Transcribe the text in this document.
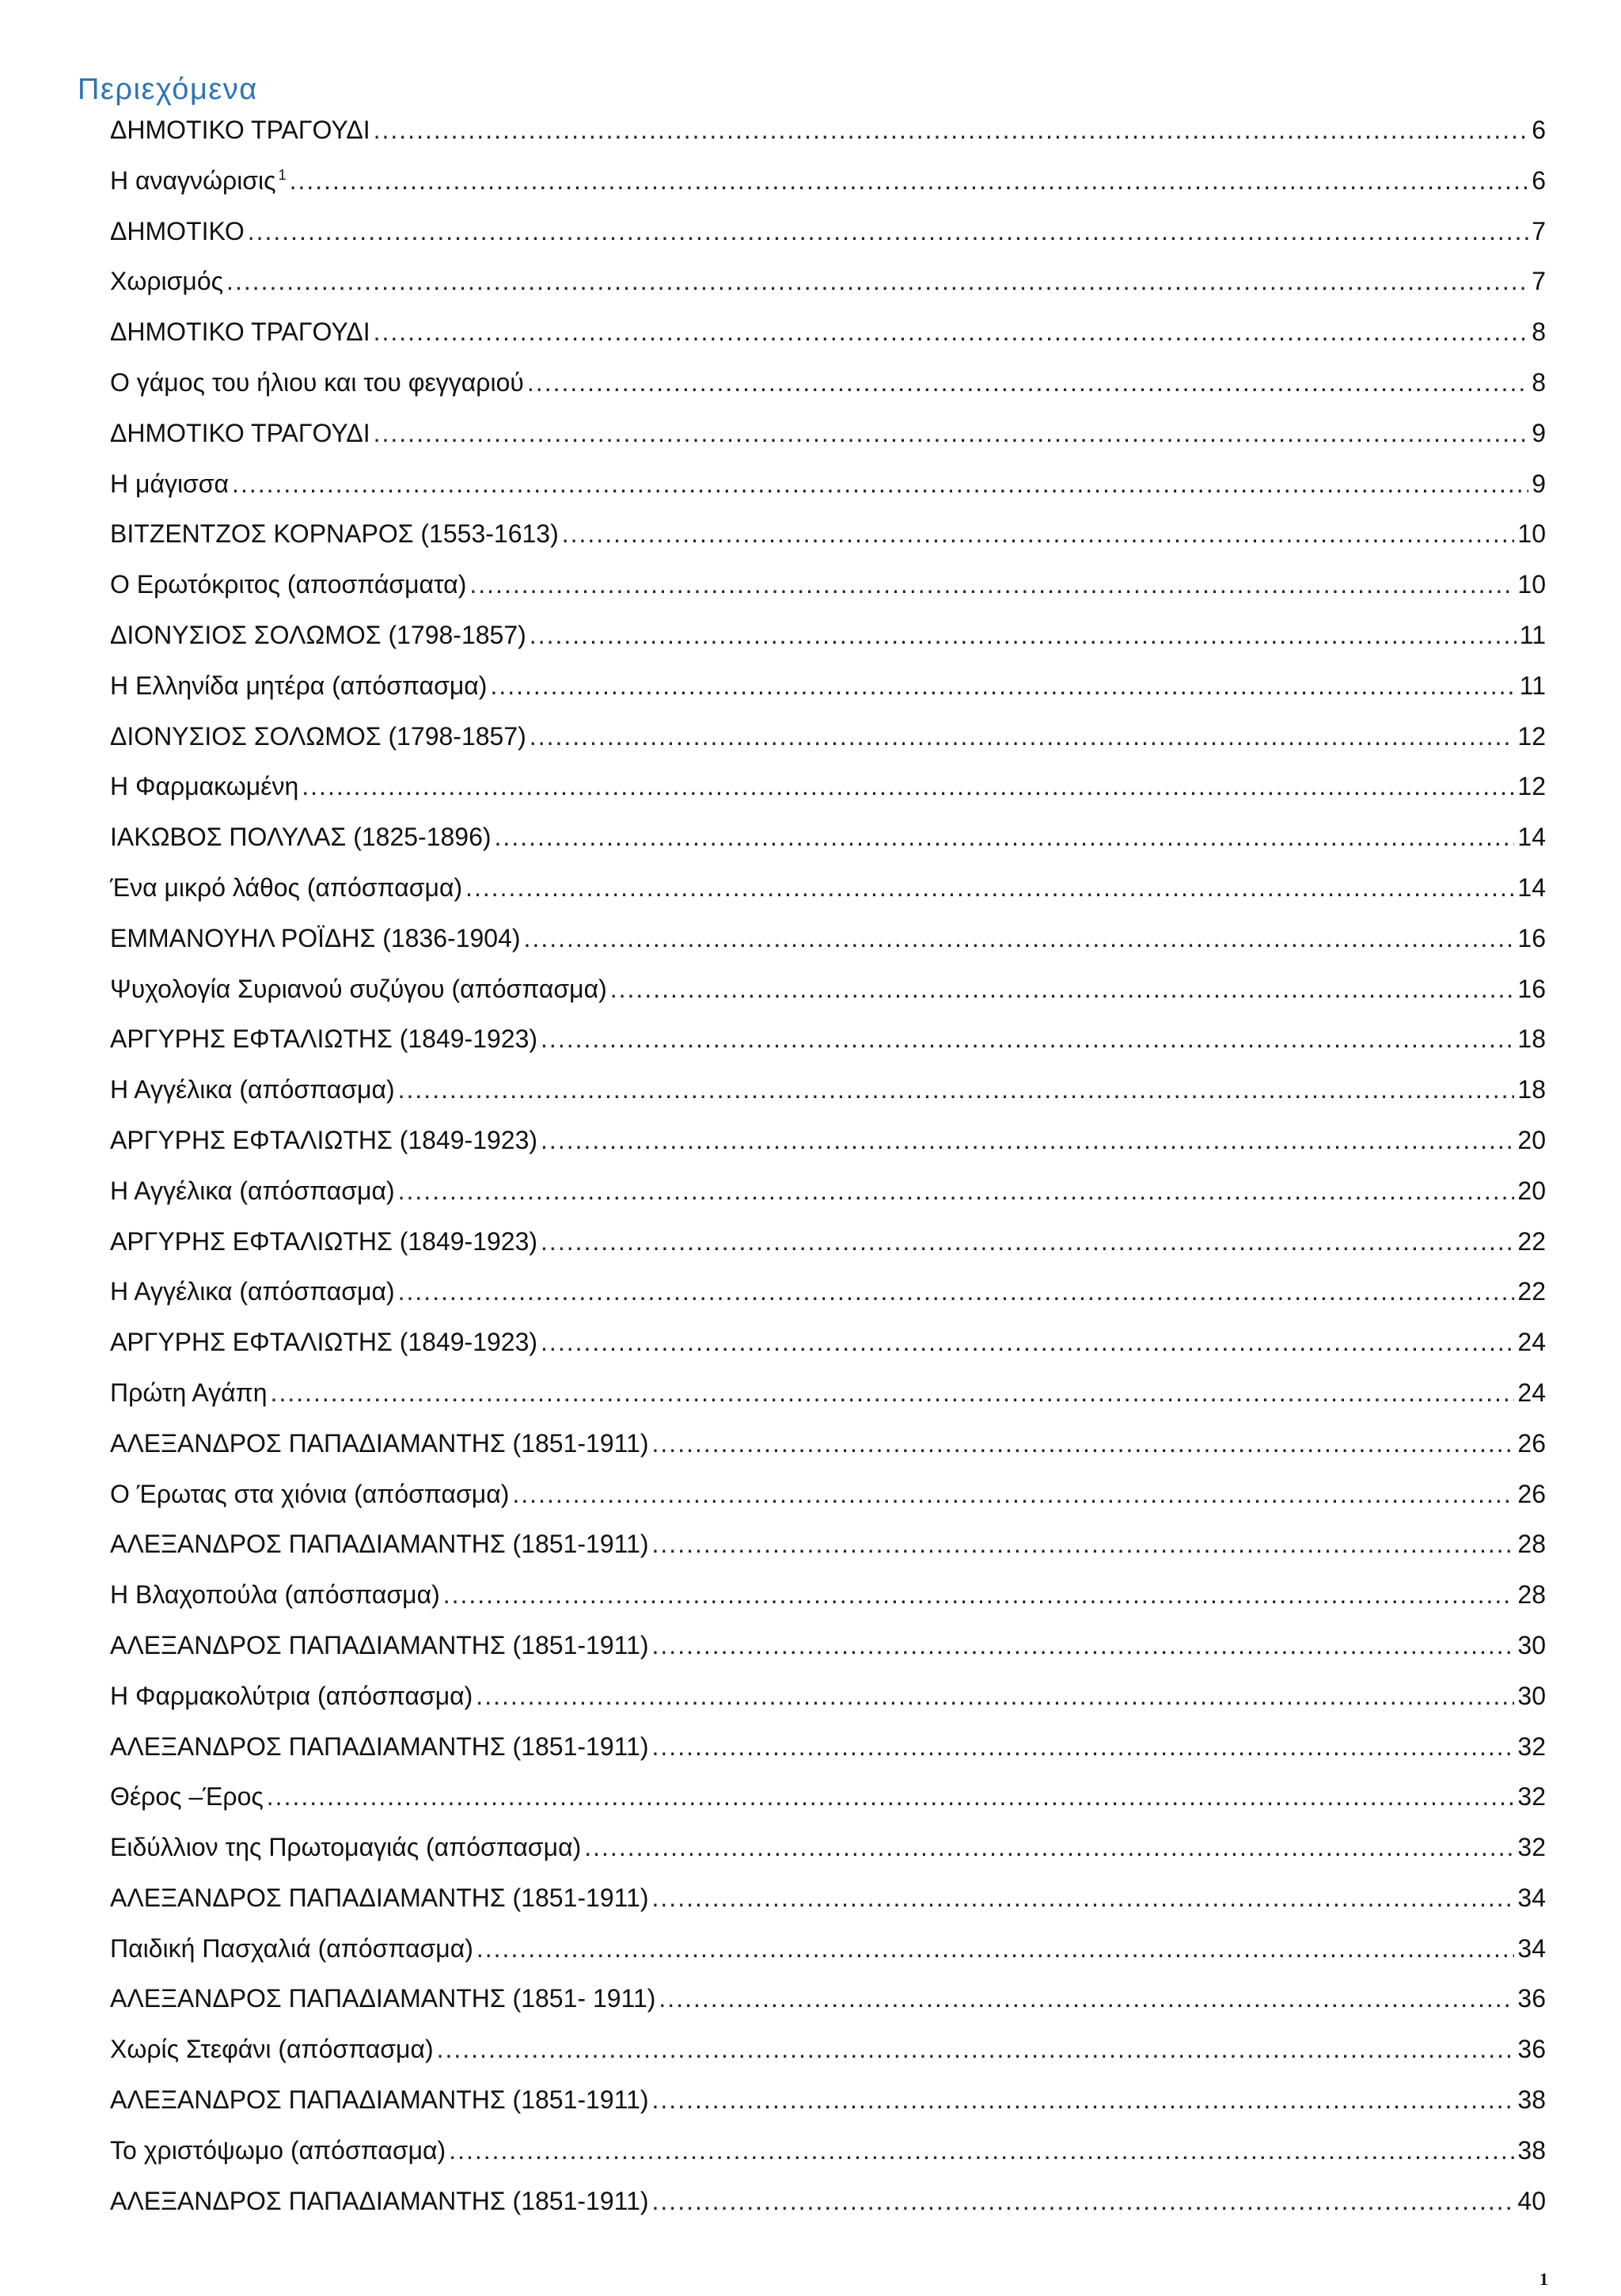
Περιεχόμενα
ΔΗΜΟΤΙΚΟ ΤΡΑΓΟΥΔΙ .....	6
Η αναγνώρισις $^1$ .....	6
ΔΗΜΟΤΙΚΟ .....	7
Χωρισμός .....	7
ΔΗΜΟΤΙΚΟ ΤΡΑΓΟΥΔΙ .....	8
Ο γάμος του ήλιου και του φεγγαριού .....	8
ΔΗΜΟΤΙΚΟ ΤΡΑΓΟΥΔΙ .....	9
Η μάγισσα .....	9
ΒΙΤΖΕΝΤΖΟΣ ΚΟΡΝΑΡΟΣ (1553-1613) .....	10
Ο Ερωτόκριτος (αποσπάσματα) .....	10
ΔΙΟΝΥΣΙΟΣ ΣΟΛΩΜΟΣ (1798-1857) .....	11
Η Ελληνίδα μητέρα (απόσπασμα) .....	11
ΔΙΟΝΥΣΙΟΣ ΣΟΛΩΜΟΣ (1798-1857) .....	12
Η Φαρμακωμένη .....	12
ΙΑΚΩΒΟΣ ΠΟΛΥΛΑΣ (1825-1896) .....	14
Ένα μικρό λάθος (απόσπασμα) .....	14
ΕΜΜΑΝΟΥΗΛ ΡΟΪΔΗΣ (1836-1904) .....	16
Ψυχολογία Συριανού συζύγου (απόσπασμα) .....	16
ΑΡΓΥΡΗΣ ΕΦΤΑΛΙΩΤΗΣ (1849-1923) .....	18
Η Αγγέλικα (απόσπασμα) .....	18
ΑΡΓΥΡΗΣ ΕΦΤΑΛΙΩΤΗΣ (1849-1923) .....	20
Η Αγγέλικα (απόσπασμα) .....	20
ΑΡΓΥΡΗΣ ΕΦΤΑΛΙΩΤΗΣ (1849-1923) .....	22
Η Αγγέλικα (απόσπασμα) .....	22
ΑΡΓΥΡΗΣ ΕΦΤΑΛΙΩΤΗΣ (1849-1923) .....	24
Πρώτη Αγάπη .....	24
ΑΛΕΞΑΝΔΡΟΣ ΠΑΠΑΔΙΑΜΑΝΤΗΣ (1851-1911) .....	26
Ο Έρωτας στα χιόνια (απόσπασμα) .....	26
ΑΛΕΞΑΝΔΡΟΣ ΠΑΠΑΔΙΑΜΑΝΤΗΣ (1851-1911) .....	28
Η Βλαχοπούλα (απόσπασμα) .....	28
ΑΛΕΞΑΝΔΡΟΣ ΠΑΠΑΔΙΑΜΑΝΤΗΣ (1851-1911) .....	30
Η Φαρμακολύτρια (απόσπασμα) .....	30
ΑΛΕΞΑΝΔΡΟΣ ΠΑΠΑΔΙΑΜΑΝΤΗΣ (1851-1911) .....	32
Θέρος –Έρος .....	32
Ειδύλλιον της Πρωτομαγιάς (απόσπασμα) .....	32
ΑΛΕΞΑΝΔΡΟΣ ΠΑΠΑΔΙΑΜΑΝΤΗΣ (1851-1911) .....	34
Παιδική Πασχαλιά (απόσπασμα) .....	34
ΑΛΕΞΑΝΔΡΟΣ ΠΑΠΑΔΙΑΜΑΝΤΗΣ (1851- 1911) .....	36
Χωρίς Στεφάνι (απόσπασμα) .....	36
ΑΛΕΞΑΝΔΡΟΣ ΠΑΠΑΔΙΑΜΑΝΤΗΣ (1851-1911) .....	38
Το χριστόψωμο (απόσπασμα) .....	38
ΑΛΕΞΑΝΔΡΟΣ ΠΑΠΑΔΙΑΜΑΝΤΗΣ (1851-1911) .....	40
1
